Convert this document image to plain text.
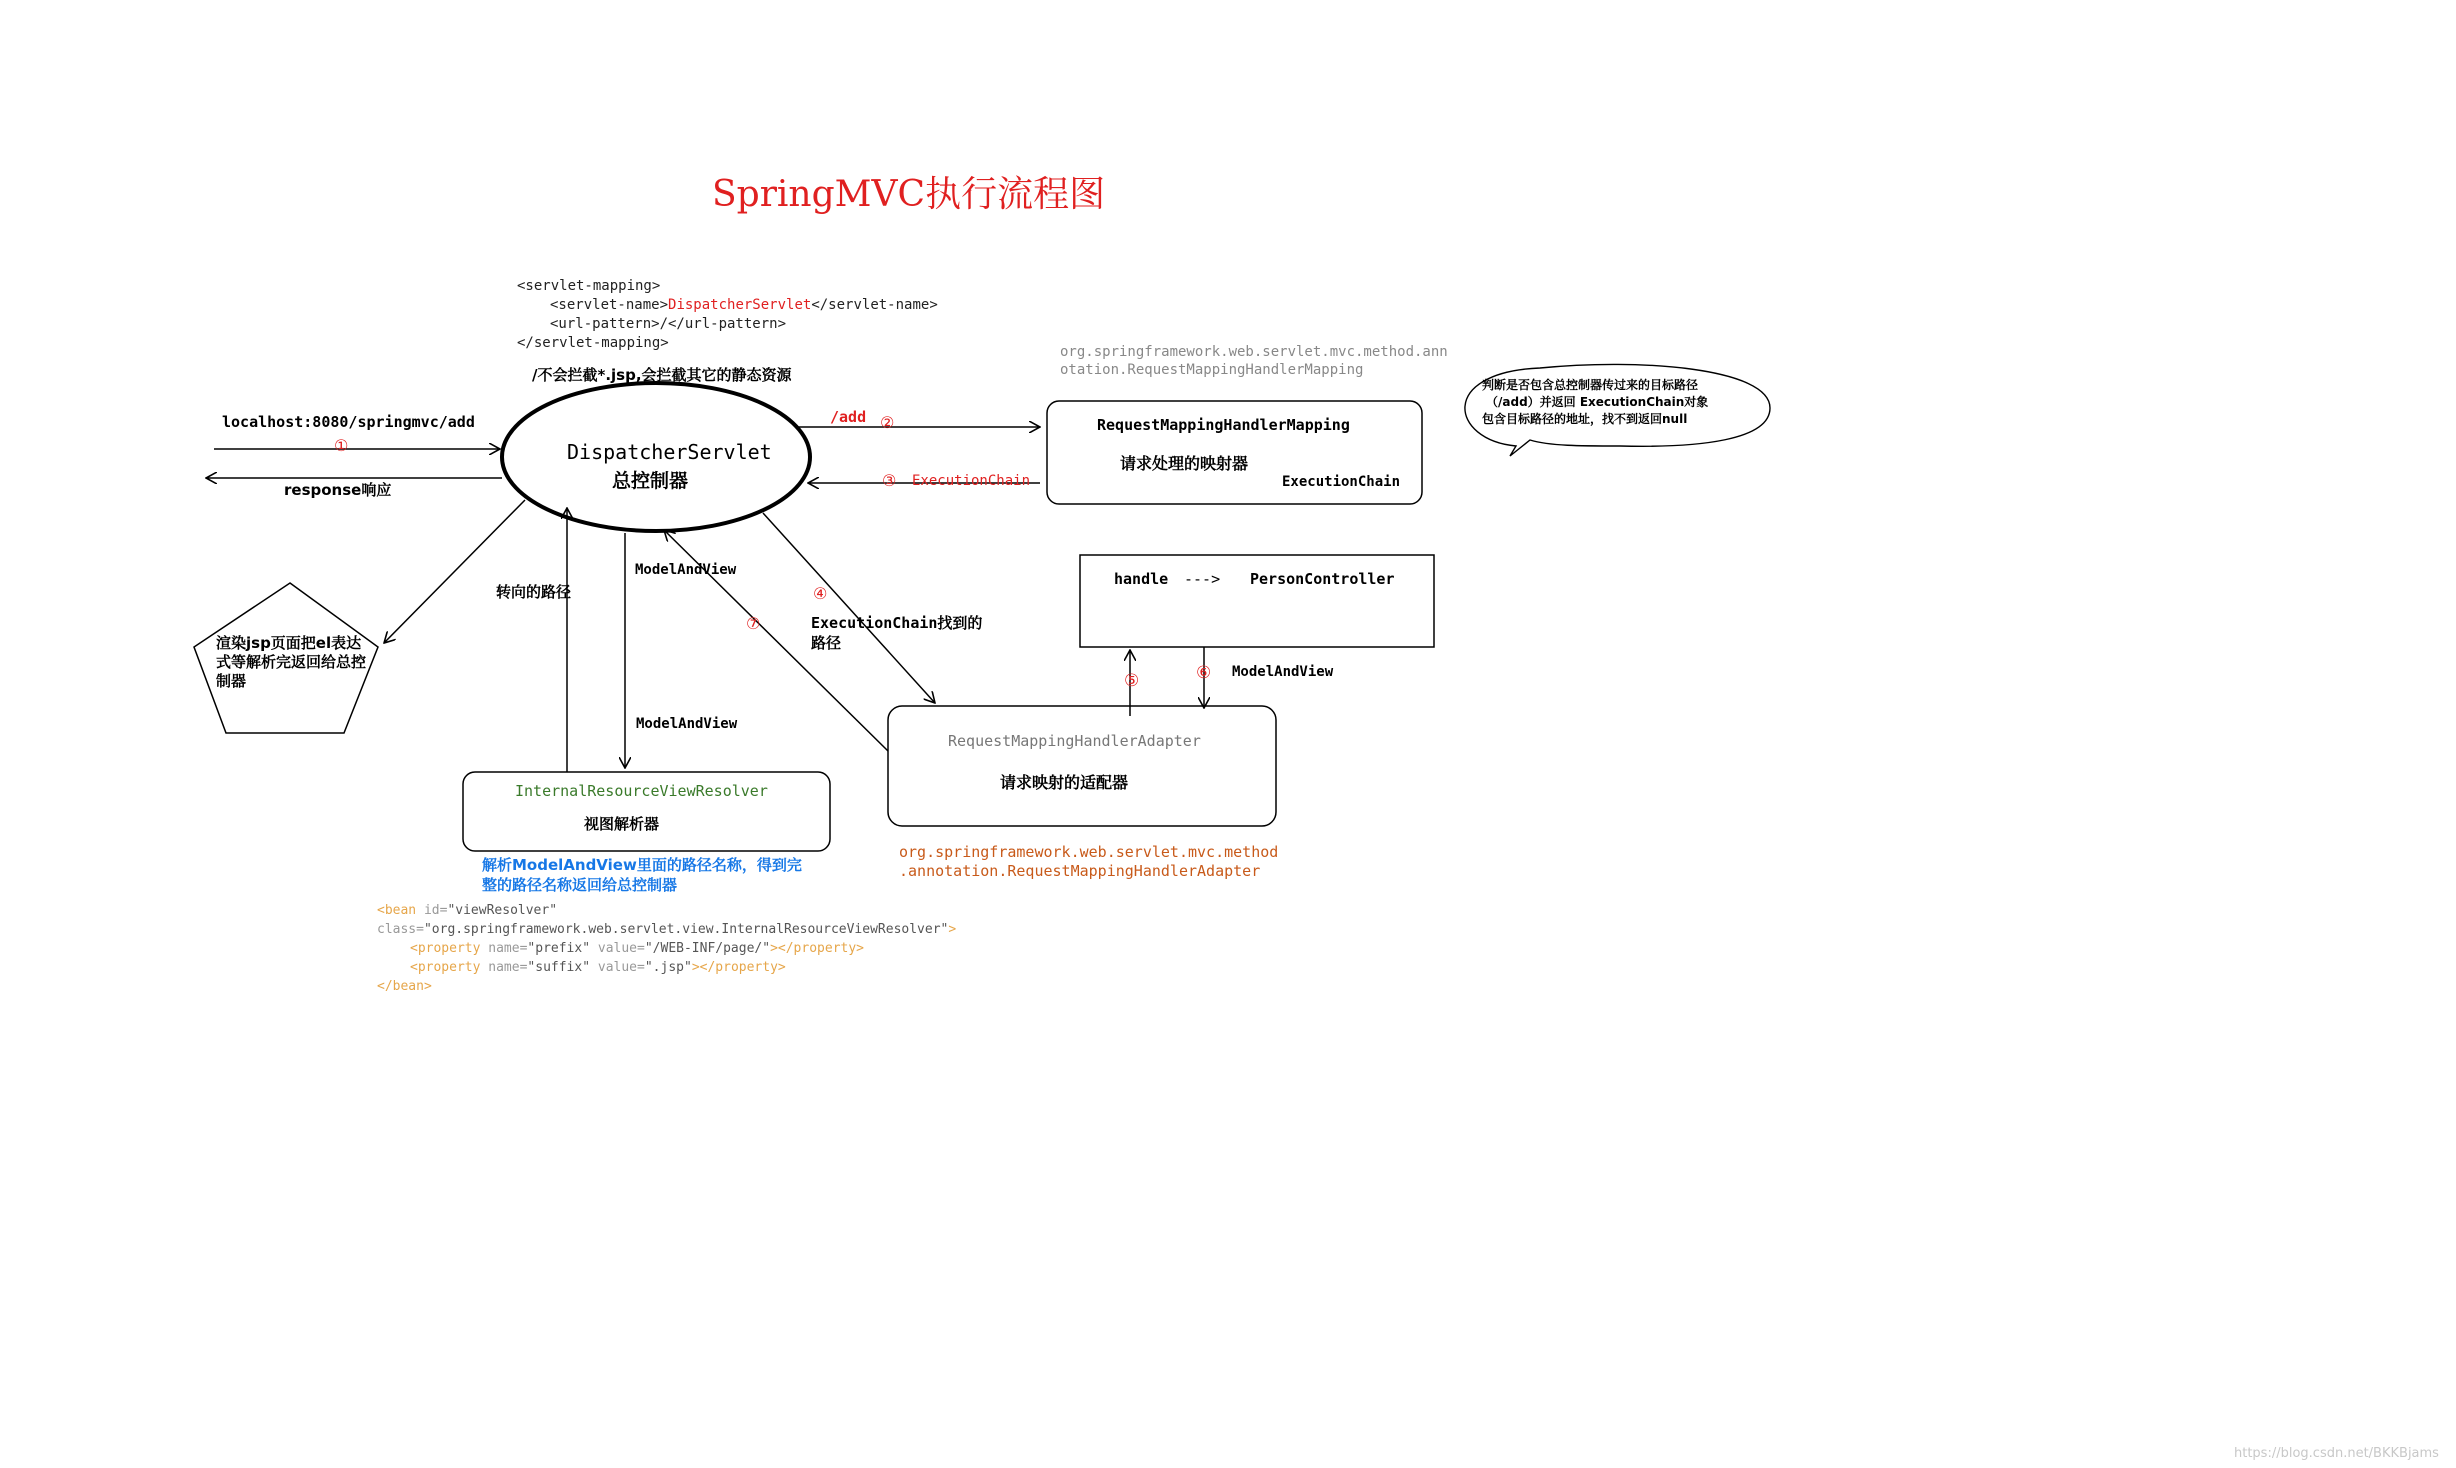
SpringMVC执行流程图
<servlet-mapping>
<servlet-name>DispatcherServlet</servlet-name>
<url-pattern>/</url-pattern>
</servlet-mapping>
/不会拦截*.jsp,会拦截其它的静态资源
DispatcherServlet
总控制器
localhost:8080/springmvc/add
①
response响应
/add ②
③ ExecutionChain
org.springframework.web.servlet.mvc.method.ann
otation.RequestMappingHandlerMapping
RequestMappingHandlerMapping
请求处理的映射器
ExecutionChain
判断是否包含总控制器传过来的目标路径
（/add）并返回 ExecutionChain对象
包含目标路径的地址，找不到返回null
handle ---> PersonController
④
ExecutionChain找到的
路径
⑤	⑥ ModelAndView
⑦
RequestMappingHandlerAdapter
请求映射的适配器
org.springframework.web.servlet.mvc.method
.annotation.RequestMappingHandlerAdapter
ModelAndView
ModelAndView
转向的路径
InternalResourceViewResolver
视图解析器
解析ModelAndView里面的路径名称，得到完
整的路径名称返回给总控制器
渲染jsp页面把el表达
式等解析完返回给总控
制器
<bean id="viewResolver"
class="org.springframework.web.servlet.view.InternalResourceViewResolver">
<property name="prefix" value="/WEB-INF/page/"></property>
<property name="suffix" value=".jsp"></property>
</bean>
https://blog.csdn.net/BKKBjams
